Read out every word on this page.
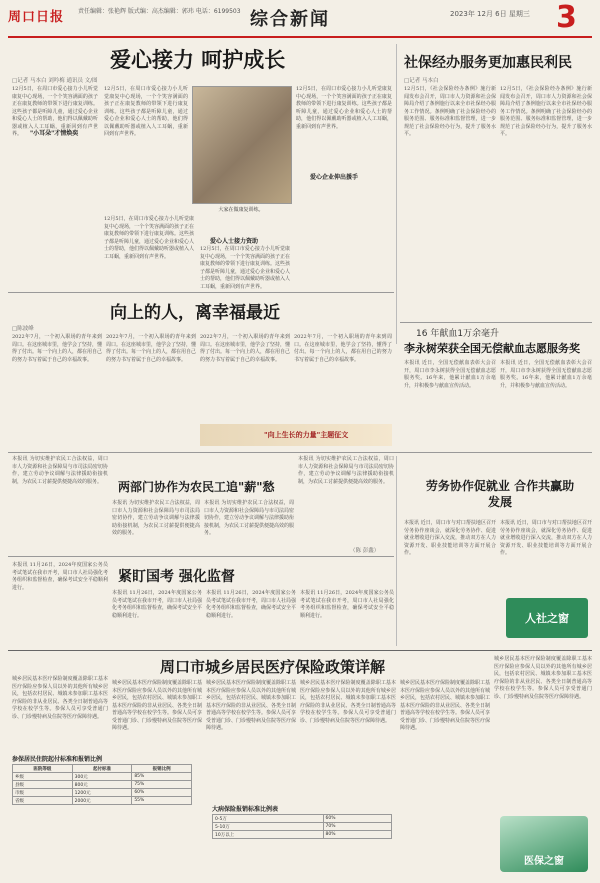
周口日报 责任编辑：张艳辉 版式编：高杰编辑：郭玮 电话：6199503 综合新闻	2023年 12月 6日 星期三 3
爱心接力 呵护成长
□记者 马本白 刘吟梅 通讯员 文/图
12月5日，在周口市爱心接力小儿听觉康复中心现场，一个个笑容满面的孩子正在康复教师的带领下进行康复训练。这些孩子都是听障儿童，通过爱心企业和爱心人士的帮助，他们得以佩戴助听器或植入人工耳蜗，重新回到有声世界。	"小耳朵"才情焕奕
12月5日，在周口市爱心接力小儿听觉康复中心现场，一个个笑容满面的孩子正在康复教师的带领下进行康复训练。这些孩子都是听障儿童，通过爱心企业和爱心人士的帮助，他们得以佩戴助听器或植入人工耳蜗，重新回到有声世界。
大家在做康复训练。
12月5日，在周口市爱心接力小儿听觉康复中心现场，一个个笑容满面的孩子正在康复教师的带领下进行康复训练。这些孩子都是听障儿童，通过爱心企业和爱心人士的帮助，他们得以佩戴助听器或植入人工耳蜗，重新回到有声世界。
爱心人士接力资助
12月5日，在周口市爱心接力小儿听觉康复中心现场，一个个笑容满面的孩子正在康复教师的带领下进行康复训练。这些孩子都是听障儿童，通过爱心企业和爱心人士的帮助，他们得以佩戴助听器或植入人工耳蜗，重新回到有声世界。
12月5日，在周口市爱心接力小儿听觉康复中心现场，一个个笑容满面的孩子正在康复教师的带领下进行康复训练。这些孩子都是听障儿童，通过爱心企业和爱心人士的帮助，他们得以佩戴助听器或植入人工耳蜗，重新回到有声世界。
爱心企业伸出援手
社保经办服务更加惠民利民
□记者 马本白
12月5日，《社会保险经办条例》施行新闻发布会召开，周口市人力资源和社会保障局介绍了条例施行以来全市社保经办服务工作情况。条例明确了社会保险经办的服务范围、服务标准和监督管理，进一步规范了社会保险经办行为，提升了服务水平。
12月5日，《社会保险经办条例》施行新闻发布会召开，周口市人力资源和社会保障局介绍了条例施行以来全市社保经办服务工作情况。条例明确了社会保险经办的服务范围、服务标准和监督管理，进一步规范了社会保险经办行为，提升了服务水平。
16 年献血1万余毫升
李永树荣获全国无偿献血志愿服务奖
本报讯 近日，全国无偿献血表彰大会召开，周口市李永树获得全国无偿献血志愿服务奖。16年来，他累计献血1万余毫升，并积极参与献血宣传活动。
本报讯 近日，全国无偿献血表彰大会召开，周口市李永树获得全国无偿献血志愿服务奖。16年来，他累计献血1万余毫升，并积极参与献血宣传活动。
向上的人，离幸福最近
□陈波峰
2022年7月，一个初入职场的青年来到周口。在这座城市里，他学会了坚持，懂得了付出。每一个向上的人，都在用自己的努力书写着属于自己的幸福故事。
2022年7月，一个初入职场的青年来到周口。在这座城市里，他学会了坚持，懂得了付出。每一个向上的人，都在用自己的努力书写着属于自己的幸福故事。
2022年7月，一个初入职场的青年来到周口。在这座城市里，他学会了坚持，懂得了付出。每一个向上的人，都在用自己的努力书写着属于自己的幸福故事。
2022年7月，一个初入职场的青年来到周口。在这座城市里，他学会了坚持，懂得了付出。每一个向上的人，都在用自己的努力书写着属于自己的幸福故事。
"向上生长的力量"主题征文
两部门协作为农民工追"薪"愁
本报讯 为切实维护农民工合法权益，周口市人力资源和社会保障局与市司法局密切协作，建立劳动争议调解与法律援助衔接机制，为农民工讨薪提供便捷高效的服务。
本报讯 为切实维护农民工合法权益，周口市人力资源和社会保障局与市司法局密切协作，建立劳动争议调解与法律援助衔接机制，为农民工讨薪提供便捷高效的服务。
本报讯 为切实维护农民工合法权益，周口市人力资源和社会保障局与市司法局密切协作，建立劳动争议调解与法律援助衔接机制，为农民工讨薪提供便捷高效的服务。
本报讯 为切实维护农民工合法权益，周口市人力资源和社会保障局与市司法局密切协作，建立劳动争议调解与法律援助衔接机制，为农民工讨薪提供便捷高效的服务。
（陈 彭鑫）
劳务协作促就业 合作共赢助发展
本报讯 近日，周口市与对口帮扶地区召开劳务协作座谈会，就深化劳务协作、促进就业增收进行深入交流，推动双方在人力资源开发、职业技能培训等方面开展合作。
本报讯 近日，周口市与对口帮扶地区召开劳务协作座谈会，就深化劳务协作、促进就业增收进行深入交流，推动双方在人力资源开发、职业技能培训等方面开展合作。
人社之窗
紧盯国考 强化监督
本报讯 11月26日，2024年度国家公务员考试笔试在我市开考，周口市人社局强化考务组织和监督检查，确保考试安全平稳顺利进行。
本报讯 11月26日，2024年度国家公务员考试笔试在我市开考，周口市人社局强化考务组织和监督检查，确保考试安全平稳顺利进行。
本报讯 11月26日，2024年度国家公务员考试笔试在我市开考，周口市人社局强化考务组织和监督检查，确保考试安全平稳顺利进行。
本报讯 11月26日，2024年度国家公务员考试笔试在我市开考，周口市人社局强化考务组织和监督检查，确保考试安全平稳顺利进行。
周口市城乡居民医疗保险政策详解
城乡居民基本医疗保险制度覆盖除职工基本医疗保险应参保人员以外的其他所有城乡居民，包括农村居民、城镇未参加职工基本医疗保险的非从业居民、各类全日制普通高等学校在校学生等。参保人员可享受普通门诊、门诊慢特病及住院等医疗保障待遇。
城乡居民基本医疗保险制度覆盖除职工基本医疗保险应参保人员以外的其他所有城乡居民，包括农村居民、城镇未参加职工基本医疗保险的非从业居民、各类全日制普通高等学校在校学生等。参保人员可享受普通门诊、门诊慢特病及住院等医疗保障待遇。
城乡居民基本医疗保险制度覆盖除职工基本医疗保险应参保人员以外的其他所有城乡居民，包括农村居民、城镇未参加职工基本医疗保险的非从业居民、各类全日制普通高等学校在校学生等。参保人员可享受普通门诊、门诊慢特病及住院等医疗保障待遇。
城乡居民基本医疗保险制度覆盖除职工基本医疗保险应参保人员以外的其他所有城乡居民，包括农村居民、城镇未参加职工基本医疗保险的非从业居民、各类全日制普通高等学校在校学生等。参保人员可享受普通门诊、门诊慢特病及住院等医疗保障待遇。
城乡居民基本医疗保险制度覆盖除职工基本医疗保险应参保人员以外的其他所有城乡居民，包括农村居民、城镇未参加职工基本医疗保险的非从业居民、各类全日制普通高等学校在校学生等。参保人员可享受普通门诊、门诊慢特病及住院等医疗保障待遇。
城乡居民基本医疗保险制度覆盖除职工基本医疗保险应参保人员以外的其他所有城乡居民，包括农村居民、城镇未参加职工基本医疗保险的非从业居民、各类全日制普通高等学校在校学生等。参保人员可享受普通门诊、门诊慢特病及住院等医疗保障待遇。
参保居民住院起付标准和报销比例
医院等级	起付标准	报销比例
乡级	300元	85%
县级	800元	75%
市级	1200元	60%
省级	2000元	55%
大病保险报销标准比例表
0-5万	60%
5-10万	70%
10万以上	80%
医保之窗
